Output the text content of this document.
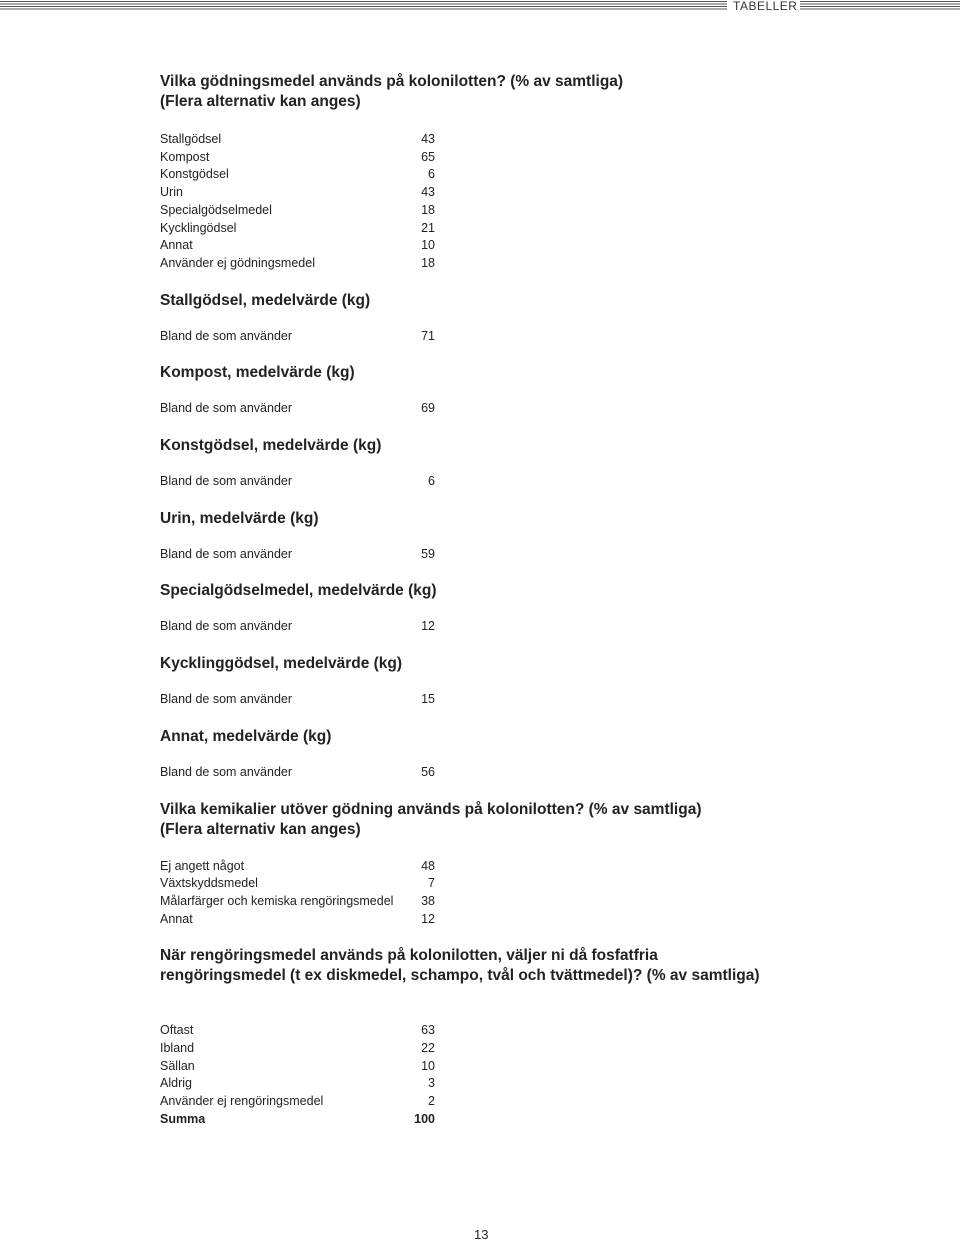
TABELLER
Vilka gödningsmedel används på kolonilotten? (% av samtliga)
(Flera alternativ kan anges)
Stallgödsel	43
Kompost	65
Konstgödsel	6
Urin	43
Specialgödselmedel	18
Kycklingödsel	21
Annat	10
Använder ej gödningsmedel	18
Stallgödsel, medelvärde (kg)
Bland de som använder	71
Kompost, medelvärde (kg)
Bland de som använder	69
Konstgödsel, medelvärde (kg)
Bland de som använder	6
Urin, medelvärde (kg)
Bland de som använder	59
Specialgödselmedel, medelvärde (kg)
Bland de som använder	12
Kycklinggödsel, medelvärde (kg)
Bland de som använder	15
Annat, medelvärde (kg)
Bland de som använder	56
Vilka kemikalier utöver gödning används på kolonilotten? (% av samtliga)
(Flera alternativ kan anges)
Ej angett något	48
Växtskyddsmedel	7
Målarfärger och kemiska rengöringsmedel	38
Annat	12
När rengöringsmedel används på kolonilotten, väljer ni då fosfatfria
rengöringsmedel (t ex diskmedel, schampo, tvål och tvättmedel)? (% av samtliga)
Oftast	63
Ibland	22
Sällan	10
Aldrig	3
Använder ej rengöringsmedel	2
Summa	100
13
